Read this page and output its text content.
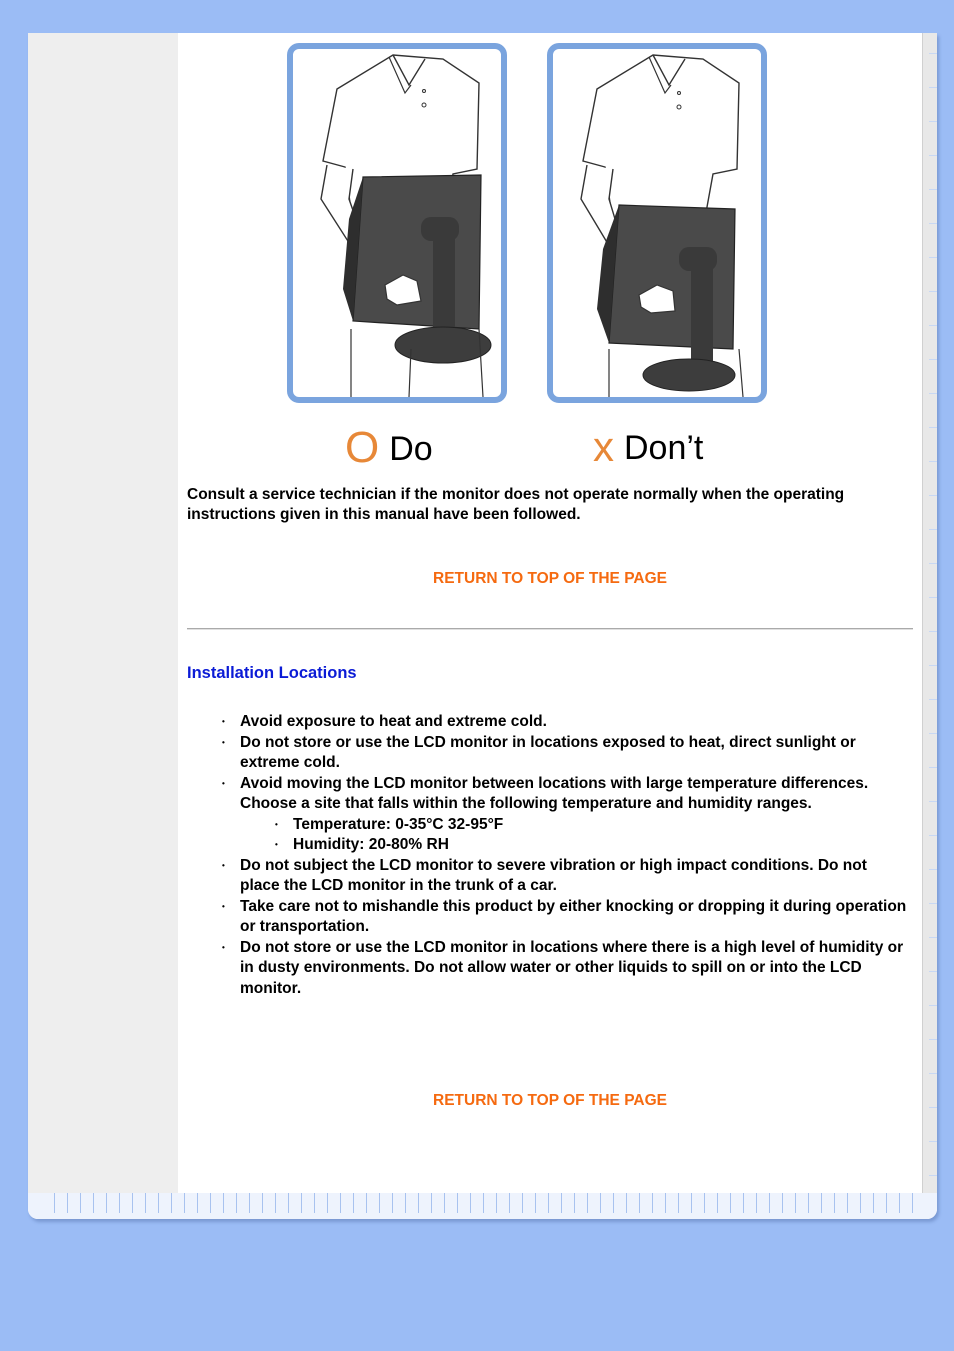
O Do	x Don’t
Consult a service technician if the monitor does not operate normally when the operating instructions given in this manual have been followed.
RETURN TO TOP OF THE PAGE
Installation Locations
• Avoid exposure to heat and extreme cold.
• Do not store or use the LCD monitor in locations exposed to heat, direct sunlight or extreme cold.
• Avoid moving the LCD monitor between locations with large temperature differences. Choose a site that falls within the following temperature and humidity ranges.
• Temperature: 0-35°C 32-95°F
• Humidity: 20-80% RH
• Do not subject the LCD monitor to severe vibration or high impact conditions. Do not place the LCD monitor in the trunk of a car.
• Take care not to mishandle this product by either knocking or dropping it during operation or transportation.
• Do not store or use the LCD monitor in locations where there is a high level of humidity or in dusty environments. Do not allow water or other liquids to spill on or into the LCD monitor.
RETURN TO TOP OF THE PAGE
